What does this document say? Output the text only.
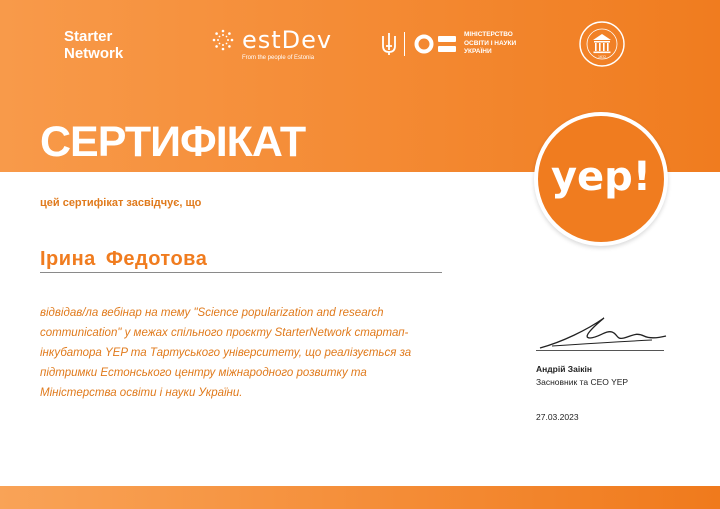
Starter
Network	estDev
From the people of Estonia
МІНІСТЕРСТВО
ОСВІТИ І НАУКИ
УКРАЇНИ
1632
СЕРТИФІКАТ
yep!
цей сертифікат засвідчує, що
Ірина Федотова

відвідав/ла вебінар на тему "Science popularization and research communication" у межах спільного проєкту StarterNetwork стартап-інкубатора YEP та Тартуського університету, що реалізується за підтримки Естонського центру міжнародного розвитку та Міністерства освіти і науки України.

Андрій Заікін
Засновник та CEO YEP
27.03.2023
